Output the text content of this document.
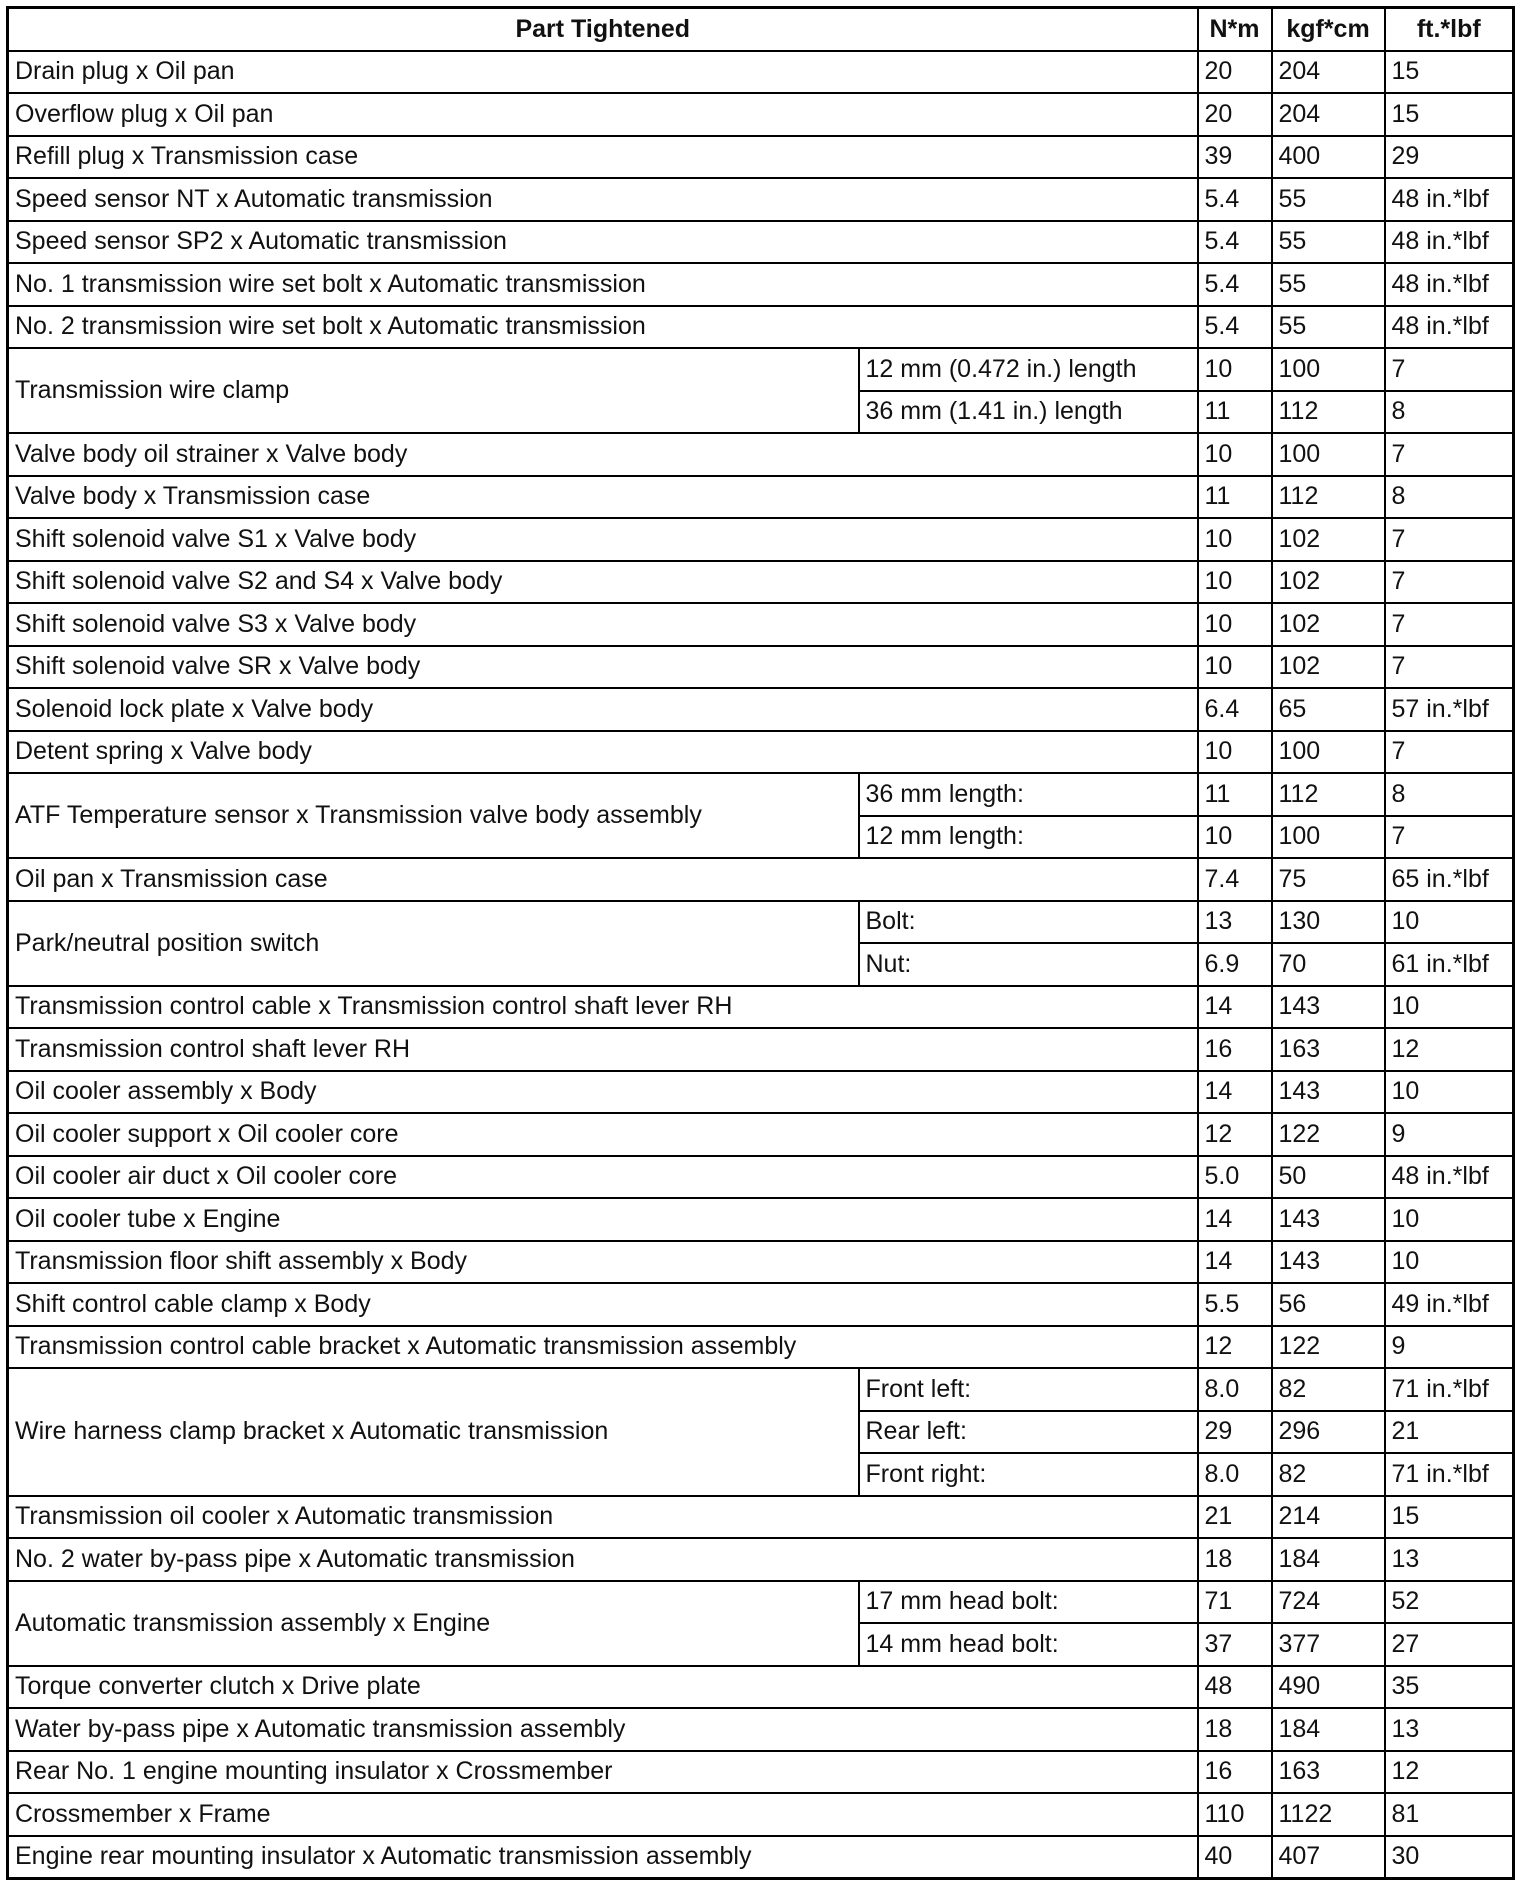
Part Tightened		N*m	kgf*cm	ft.*lbf
Drain plug x Oil pan		20	204	15
Overflow plug x Oil pan		20	204	15
Refill plug x Transmission case		39	400	29
Speed sensor NT x Automatic transmission		5.4	55	48 in.*lbf
Speed sensor SP2 x Automatic transmission		5.4	55	48 in.*lbf
No. 1 transmission wire set bolt x Automatic transmission		5.4	55	48 in.*lbf
No. 2 transmission wire set bolt x Automatic transmission		5.4	55	48 in.*lbf
Transmission wire clamp	12 mm (0.472 in.) length	10	100	7
	36 mm (1.41 in.) length	11	112	8
Valve body oil strainer x Valve body		10	100	7
Valve body x Transmission case		11	112	8
Shift solenoid valve S1 x Valve body		10	102	7
Shift solenoid valve S2 and S4 x Valve body		10	102	7
Shift solenoid valve S3 x Valve body		10	102	7
Shift solenoid valve SR x Valve body		10	102	7
Solenoid lock plate x Valve body		6.4	65	57 in.*lbf
Detent spring x Valve body		10	100	7
ATF Temperature sensor x Transmission valve body assembly	36 mm length:	11	112	8
	12 mm length:	10	100	7
Oil pan x Transmission case		7.4	75	65 in.*lbf
Park/neutral position switch	Bolt:	13	130	10
	Nut:	6.9	70	61 in.*lbf
Transmission control cable x Transmission control shaft lever RH		14	143	10
Transmission control shaft lever RH		16	163	12
Oil cooler assembly x Body		14	143	10
Oil cooler support x Oil cooler core		12	122	9
Oil cooler air duct x Oil cooler core		5.0	50	48 in.*lbf
Oil cooler tube x Engine		14	143	10
Transmission floor shift assembly x Body		14	143	10
Shift control cable clamp x Body		5.5	56	49 in.*lbf
Transmission control cable bracket x Automatic transmission assembly		12	122	9
Wire harness clamp bracket x Automatic transmission	Front left:	8.0	82	71 in.*lbf
	Rear left:	29	296	21
	Front right:	8.0	82	71 in.*lbf
Transmission oil cooler x Automatic transmission		21	214	15
No. 2 water by-pass pipe x Automatic transmission		18	184	13
Automatic transmission assembly x Engine	17 mm head bolt:	71	724	52
	14 mm head bolt:	37	377	27
Torque converter clutch x Drive plate		48	490	35
Water by-pass pipe x Automatic transmission assembly		18	184	13
Rear No. 1 engine mounting insulator x Crossmember		16	163	12
Crossmember x Frame		110	1122	81
Engine rear mounting insulator x Automatic transmission assembly		40	407	30
